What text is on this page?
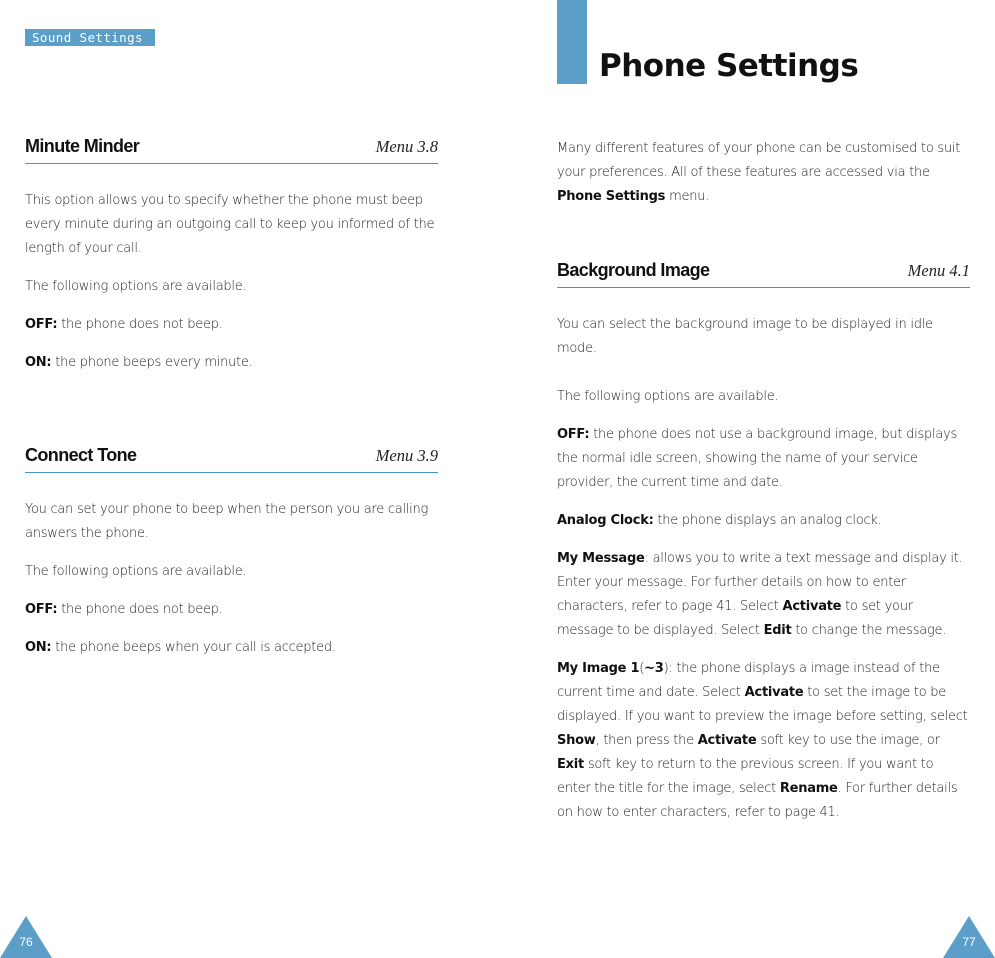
Sound Settings
Minute Minder	Menu 3.8

This option allows you to specify whether the phone must beep every minute during an outgoing call to keep you informed of the length of your call.

The following options are available.

OFF: the phone does not beep.

ON: the phone beeps every minute.

Connect Tone	Menu 3.9

You can set your phone to beep when the person you are calling answers the phone.

The following options are available.

OFF: the phone does not beep.

ON: the phone beeps when your call is accepted.

76
Phone Settings

Many different features of your phone can be customised to suit your preferences. All of these features are accessed via the Phone Settings menu.

Background Image	Menu 4.1

You can select the background image to be displayed in idle mode.

The following options are available.

OFF: the phone does not use a background image, but displays the normal idle screen, showing the name of your service provider, the current time and date.

Analog Clock: the phone displays an analog clock.

My Message: allows you to write a text message and display it. Enter your message. For further details on how to enter characters, refer to page 41. Select Activate to set your message to be displayed. Select Edit to change the message.

My Image 1(~3): the phone displays a image instead of the current time and date. Select Activate to set the image to be displayed. If you want to preview the image before setting, select Show, then press the Activate soft key to use the image, or Exit soft key to return to the previous screen. If you want to enter the title for the image, select Rename. For further details on how to enter characters, refer to page 41.

77
